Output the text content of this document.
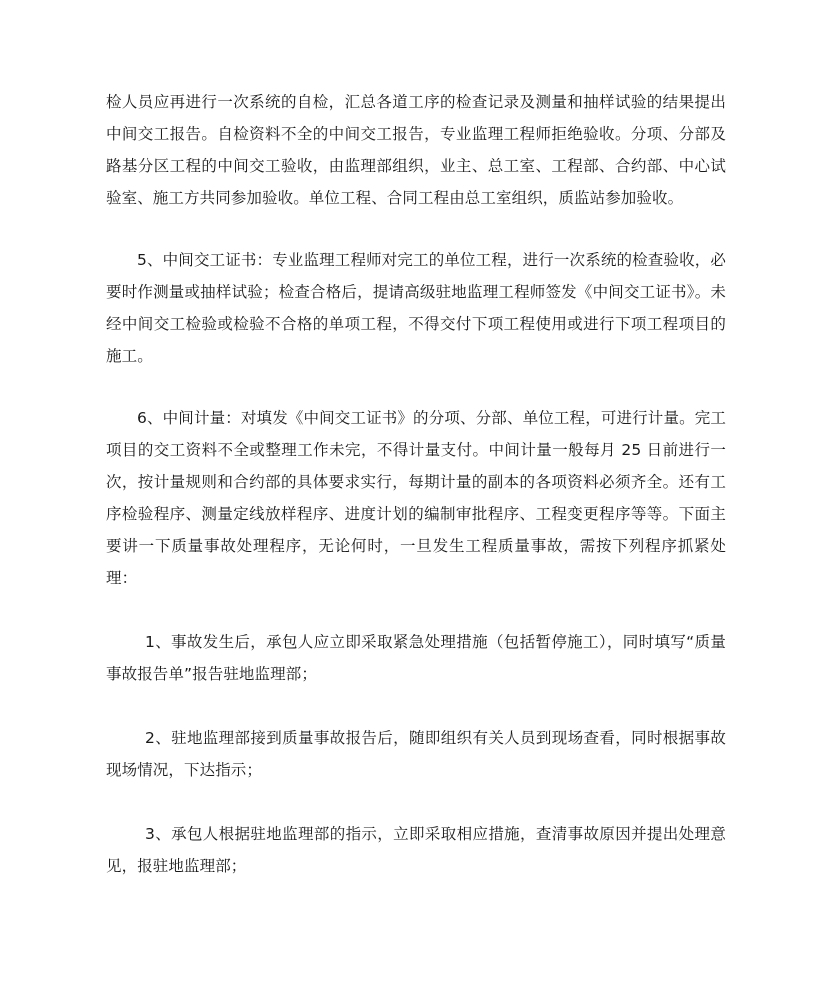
检人员应再进行一次系统的自检，汇总各道工序的检查记录及测量和抽样试验的结果提出中间交工报告。自检资料不全的中间交工报告，专业监理工程师拒绝验收。分项、分部及路基分区工程的中间交工验收，由监理部组织，业主、总工室、工程部、合约部、中心试验室、施工方共同参加验收。单位工程、合同工程由总工室组织，质监站参加验收。

5、中间交工证书：专业监理工程师对完工的单位工程，进行一次系统的检查验收，必要时作测量或抽样试验；检查合格后，提请高级驻地监理工程师签发《中间交工证书》。未经中间交工检验或检验不合格的单项工程，不得交付下项工程使用或进行下项工程项目的施工。

6、中间计量：对填发《中间交工证书》的分项、分部、单位工程，可进行计量。完工项目的交工资料不全或整理工作未完，不得计量支付。中间计量一般每月 25 日前进行一次，按计量规则和合约部的具体要求实行，每期计量的副本的各项资料必须齐全。还有工序检验程序、测量定线放样程序、进度计划的编制审批程序、工程变更程序等等。下面主要讲一下质量事故处理程序，无论何时，一旦发生工程质量事故，需按下列程序抓紧处理：

1、事故发生后，承包人应立即采取紧急处理措施（包括暂停施工），同时填写“质量事故报告单”报告驻地监理部；

2、驻地监理部接到质量事故报告后，随即组织有关人员到现场查看，同时根据事故现场情况，下达指示；

3、承包人根据驻地监理部的指示，立即采取相应措施，查清事故原因并提出处理意见，报驻地监理部；
